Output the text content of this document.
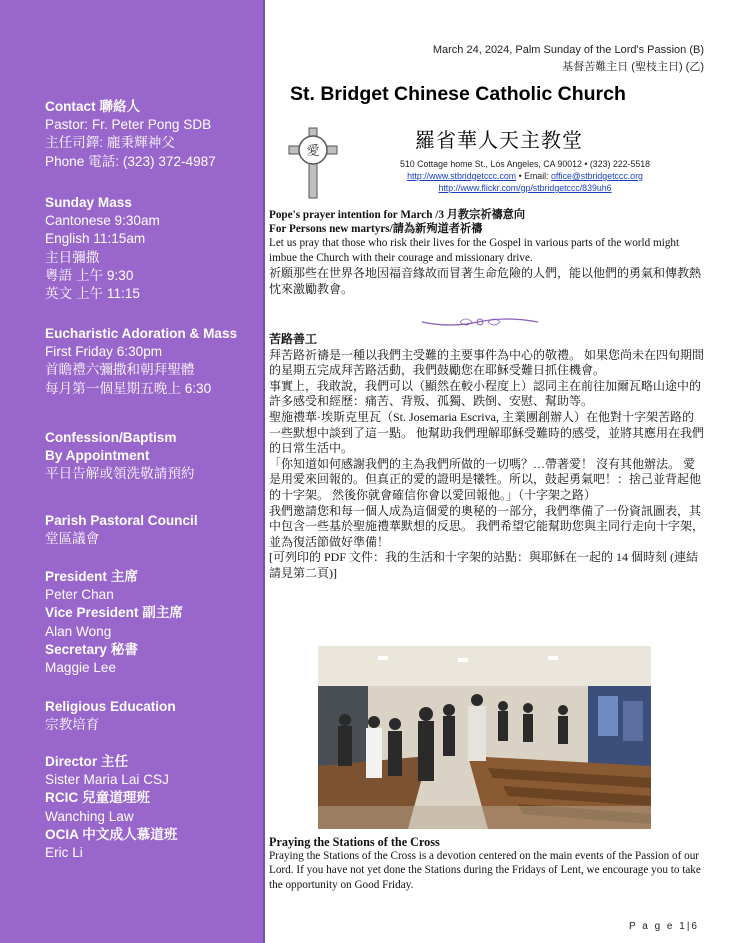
Contact 聯絡人
Pastor: Fr. Peter Pong SDB
主任司鐸: 龐秉輝神父
Phone 電話: (323) 372-4987
Sunday Mass
Cantonese 9:30am
English 11:15am
主日彌撒
粵語 上午 9:30
英文 上午 11:15
Eucharistic Adoration & Mass
First Friday 6:30pm
首瞻禮六彌撒和朝拜聖體
每月第一個星期五晚上 6:30
Confession/Baptism
By Appointment
平日告解或領洗敬請預約
Parish Pastoral Council
堂區議會
President 主席
Peter Chan
Vice President 副主席
Alan Wong
Secretary 秘書
Maggie Lee
Religious Education
宗教培育
Director 主任
Sister Maria Lai CSJ
RCIC 兒童道理班
Wanching Law
OCIA 中文成人慕道班
Eric Li
March 24, 2024, Palm Sunday of the Lord's Passion (B)
基督苦難主日 (聖枝主日) (乙)
St. Bridget Chinese Catholic Church
愛	羅省華人天主教堂
510 Cottage home St., Los Angeles, CA 90012 • (323) 222-5518
http://www.stbridgetccc.com • Email: office@stbridgetccc.org
http://www.flickr.com/gp/stbridgetccc/839uh6
Pope's prayer intention for March /3 月教宗祈禱意向
For Persons new martyrs/請為新殉道者祈禱
Let us pray that those who risk their lives for the Gospel in various parts of the world might imbue the Church with their courage and missionary drive.
祈願那些在世界各地因福音緣故而冒著生命危險的人們，能以他們的勇氣和傳教熱忱來激勵教會。
苦路善工
拜苦路祈禱是一種以我們主受難的主要事件為中心的敬禮。 如果您尚未在四旬期間的星期五完成拜苦路活動，我們鼓勵您在耶穌受難日抓住機會。
事實上，我敢說，我們可以（顯然在較小程度上）認同主在前往加爾瓦略山途中的許多感受和經歷：痛苦、背叛、孤獨、跌倒、安慰、幫助等。
聖施禮華·埃斯克里瓦（St. Josemaria Escriva, 主業團創辦人）在他對十字架苦路的一些默想中談到了這一點。 他幫助我們理解耶穌受難時的感受，並將其應用在我們的日常生活中。
「你知道如何感謝我們的主為我們所做的一切嗎？…帶著愛！ 沒有其他辦法。 愛是用愛來回報的。但真正的愛的證明是犧牲。所以，鼓起勇氣吧！：捨己並背起他的十字架。 然後你就會確信你會以愛回報他。」（十字架之路）
我們邀請您和每一個人成為這個愛的奧秘的一部分，我們準備了一份資訊圖表，其中包含一些基於聖施禮華默想的反思。 我們希望它能幫助您與主同行走向十字架，並為復活節做好準備！
[可列印的 PDF 文件：我的生活和十字架的站點：與耶穌在一起的 14 個時刻 (連結請見第二頁)]
Praying the Stations of the Cross
Praying the Stations of the Cross is a devotion centered on the main events of the Passion of our Lord. If you have not yet done the Stations during the Fridays of Lent, we encourage you to take the opportunity on Good Friday.
P a g e 1|6
